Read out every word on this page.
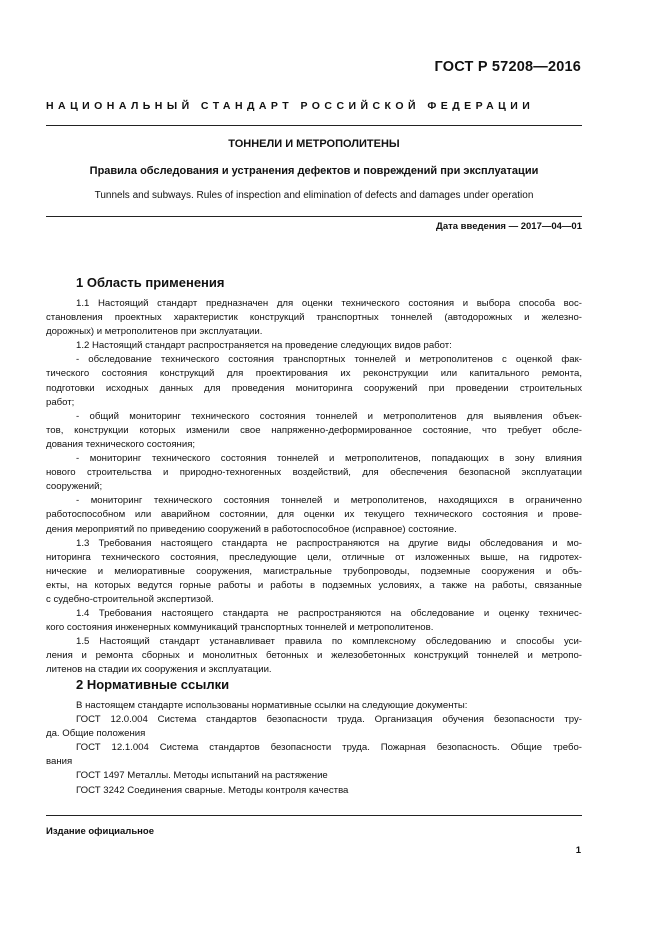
ГОСТ Р 57208—2016
НАЦИОНАЛЬНЫЙ СТАНДАРТ РОССИЙСКОЙ ФЕДЕРАЦИИ
ТОННЕЛИ И МЕТРОПОЛИТЕНЫ
Правила обследования и устранения дефектов и повреждений при эксплуатации
Tunnels and subways. Rules of inspection and elimination of defects and damages under operation
Дата введения — 2017—04—01
1 Область применения
1.1 Настоящий стандарт предназначен для оценки технического состояния и выбора способа вос-
становления проектных характеристик конструкций транспортных тоннелей (автодорожных и железно-
дорожных) и метрополитенов при эксплуатации.
1.2 Настоящий стандарт распространяется на проведение следующих видов работ:
- обследование технического состояния транспортных тоннелей и метрополитенов с оценкой фак-
тического состояния конструкций для проектирования их реконструкции или капитального ремонта,
подготовки исходных данных для проведения мониторинга сооружений при проведении строительных
работ;
- общий мониторинг технического состояния тоннелей и метрополитенов для выявления объек-
тов, конструкции которых изменили свое напряженно-деформированное состояние, что требует обсле-
дования технического состояния;
- мониторинг технического состояния тоннелей и метрополитенов, попадающих в зону влияния
нового строительства и природно-техногенных воздействий, для обеспечения безопасной эксплуатации
сооружений;
- мониторинг технического состояния тоннелей и метрополитенов, находящихся в ограниченно
работоспособном или аварийном состоянии, для оценки их текущего технического состояния и прове-
дения мероприятий по приведению сооружений в работоспособное (исправное) состояние.
1.3 Требования настоящего стандарта не распространяются на другие виды обследования и мо-
ниторинга технического состояния, преследующие цели, отличные от изложенных выше, на гидротех-
нические и мелиоративные сооружения, магистральные трубопроводы, подземные сооружения и объ-
екты, на которых ведутся горные работы и работы в подземных условиях, а также на работы, связанные
с судебно-строительной экспертизой.
1.4 Требования настоящего стандарта не распространяются на обследование и оценку техничес-
кого состояния инженерных коммуникаций транспортных тоннелей и метрополитенов.
1.5 Настоящий стандарт устанавливает правила по комплексному обследованию и способы уси-
ления и ремонта сборных и монолитных бетонных и железобетонных конструкций тоннелей и метропо-
литенов на стадии их сооружения и эксплуатации.
2 Нормативные ссылки
В настоящем стандарте использованы нормативные ссылки на следующие документы:
ГОСТ 12.0.004 Система стандартов безопасности труда. Организация обучения безопасности тру-
да. Общие положения
ГОСТ 12.1.004 Система стандартов безопасности труда. Пожарная безопасность. Общие требо-
вания
ГОСТ 1497 Металлы. Методы испытаний на растяжение
ГОСТ 3242 Соединения сварные. Методы контроля качества
Издание официальное
1
